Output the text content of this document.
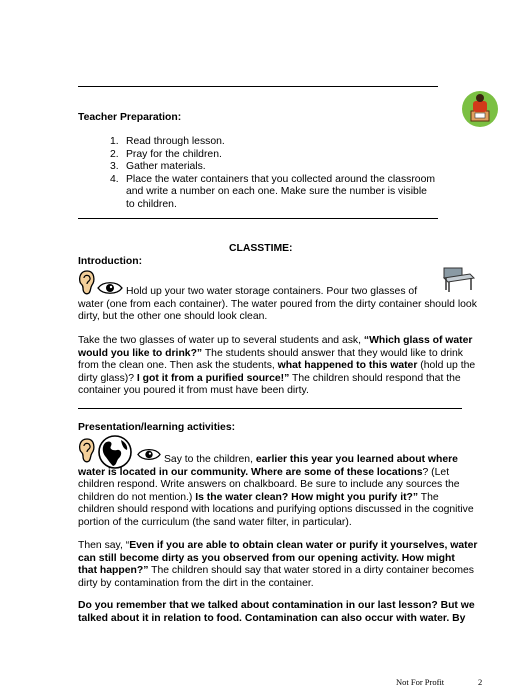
Teacher Preparation:
1. Read through lesson.
2. Pray for the children.
3. Gather materials.
4. Place the water containers that you collected around the classroom
and write a number on each one. Make sure the number is visible
to children.
CLASSTIME:
Introduction:
Hold up your two water storage containers. Pour two glasses of
water (one from each container). The water poured from the dirty container should look
dirty, but the other one should look clean.
Take the two glasses of water up to several students and ask, “Which glass of water
would you like to drink?” The students should answer that they would like to drink
from the clean one. Then ask the students, what happened to this water (hold up the
dirty glass)? I got it from a purified source!” The children should respond that the
container you poured it from must have been dirty.
Presentation/learning activities:
Say to the children, earlier this year you learned about where
water is located in our community. Where are some of these locations? (Let
children respond. Write answers on chalkboard. Be sure to include any sources the
children do not mention.) Is the water clean? How might you purify it?” The
children should respond with locations and purifying options discussed in the cognitive
portion of the curriculum (the sand water filter, in particular).
Then say, “Even if you are able to obtain clean water or purify it yourselves, water
can still become dirty as you observed from our opening activity. How might
that happen?” The children should say that water stored in a dirty container becomes
dirty by contamination from the dirt in the container.
Do you remember that we talked about contamination in our last lesson? But we
talked about it in relation to food. Contamination can also occur with water. By
Not For Profit	2
